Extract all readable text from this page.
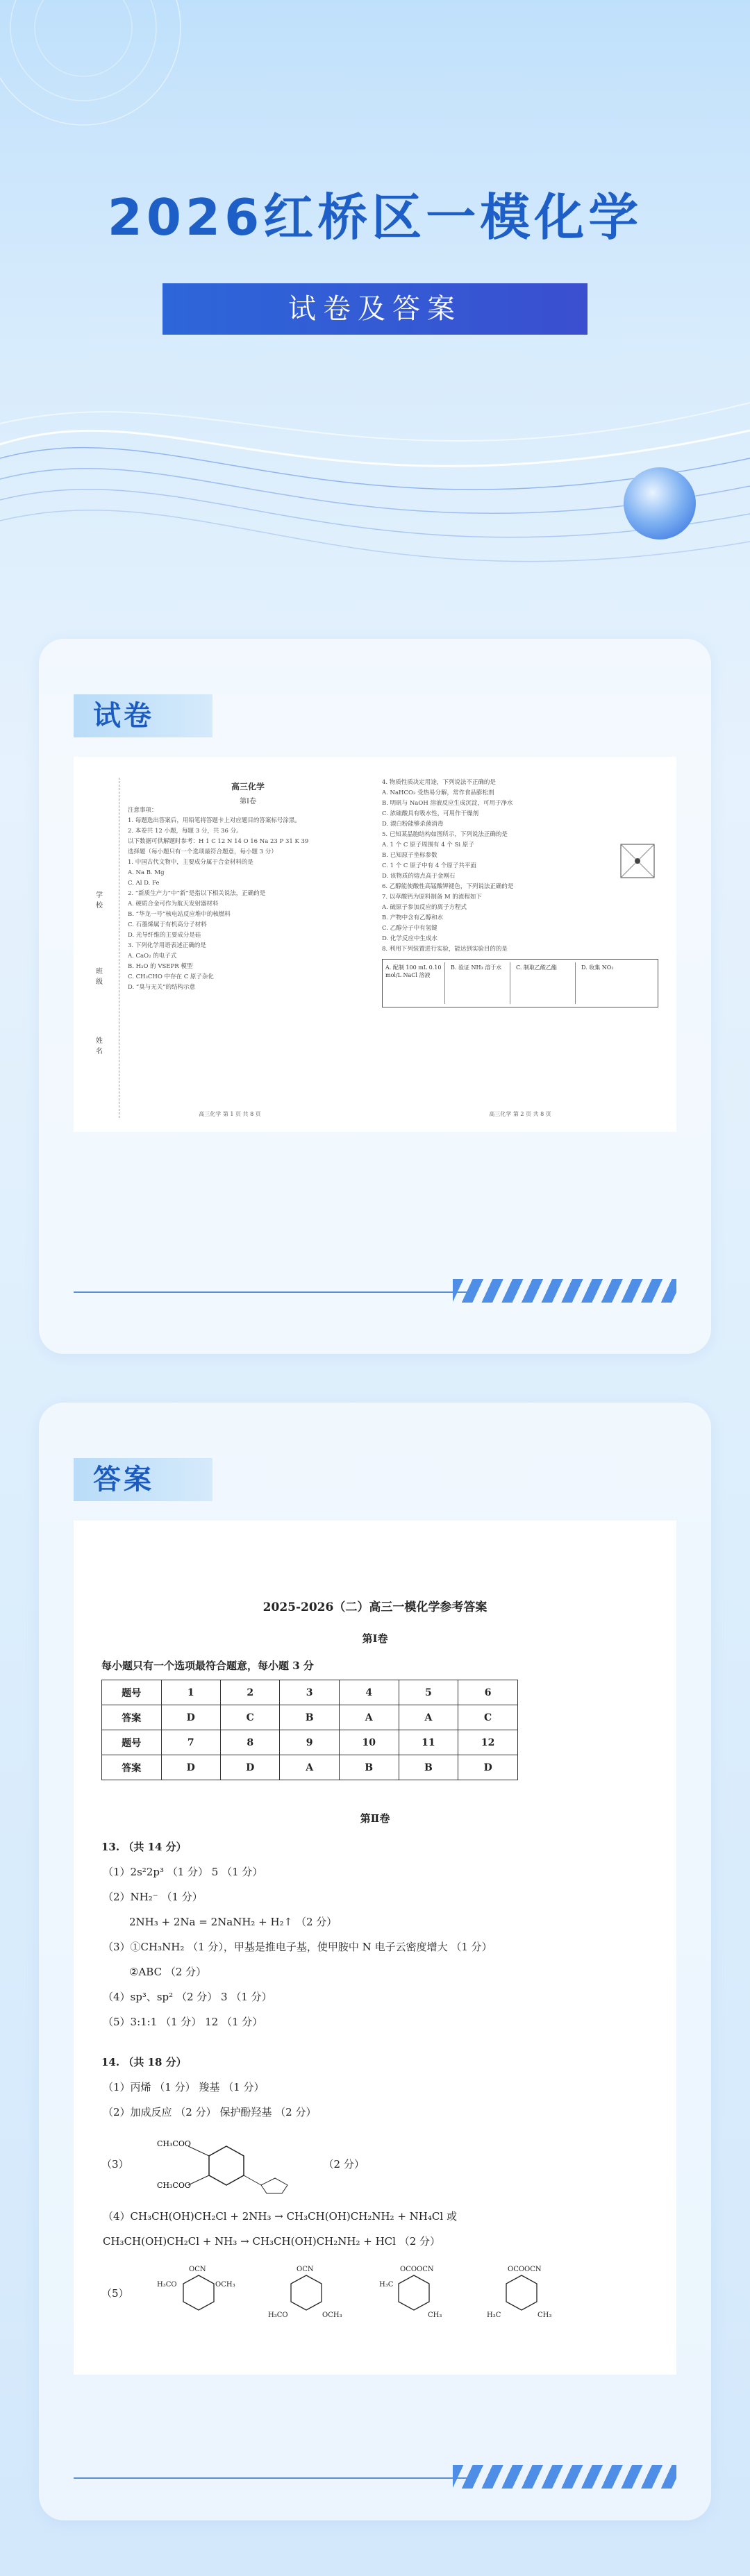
2026红桥区一模化学
试卷及答案
试卷
学
校
班
级
姓
名
高三化学
第Ⅰ卷
注意事项：
1. 每题选出答案后，用铅笔将答题卡上对应题目的答案标号涂黑。
2. 本卷共 12 小题，每题 3 分，共 36 分。
以下数据可供解题时参考：H 1 C 12 N 14 O 16 Na 23 P 31 K 39
选择题（每小题只有一个选项最符合题意，每小题 3 分）
1. 中国古代文物中，主要成分属于合金材料的是
A. Na B. Mg
C. Al D. Fe
2. “新质生产力”中“新”是指以下相关说法，正确的是
A. 硬质合金可作为航天发射器材料
B. “华龙一号”核电站反应堆中的核燃料
C. 石墨烯属于有机高分子材料
D. 光导纤维的主要成分是硅
3. 下列化学用语表述正确的是
A. CaO₂ 的电子式
B. H₂O 的 VSEPR 模型
C. CH₃CHO 中存在 C 原子杂化
D. “臭与无关”的结构示意
高三化学 第 1 页 共 8 页
4. 物质性质决定用途，下列说法不正确的是
A. NaHCO₃ 受热易分解，常作食品膨松剂
B. 明矾与 NaOH 溶液反应生成沉淀，可用于净水
C. 浓硫酸具有吸水性，可用作干燥剂
D. 漂白粉能够杀菌消毒
5. 已知某晶胞结构如图所示，下列说法正确的是
A. 1 个 C 原子周围有 4 个 Si 原子
B. 已知原子坐标参数
C. 1 个 C 原子中有 4 个原子共平面
D. 该物质的熔点高于金刚石
6. 乙醇能使酸性高锰酸钾褪色，下列说法正确的是
7. 以草酸钙为原料制备 M 的流程如下
A. 硫原子参加反应的离子方程式
B. 产物中含有乙醇和水
C. 乙醇分子中有氢键
D. 化学反应中生成水
8. 利用下列装置进行实验，能达到实验目的的是
A. 配制 100 mL 0.10 mol/L NaCl 溶液
B. 验证 NH₃ 溶于水	C. 制取乙酸乙酯	D. 收集 NO₂
高三化学 第 2 页 共 8 页
答案
2025-2026（二）高三一模化学参考答案
第Ⅰ卷
每小题只有一个选项最符合题意，每小题 3 分
题号	1	2	3	4	5	6
答案	D	C	B	A	A	C
题号	7	8	9	10	11	12
答案	D	D	A	B	B	D
第Ⅱ卷
13. （共 14 分）
（1）2s²2p³ （1 分） 5 （1 分）
（2）NH₂⁻ （1 分）
2NH₃ + 2Na = 2NaNH₂ + H₂↑ （2 分）
（3）①CH₃NH₂ （1 分），甲基是推电子基，使甲胺中 N 电子云密度增大 （1 分）
②ABC （2 分）
（4）sp³、sp² （2 分） 3 （1 分）
（5）3:1:1 （1 分） 12 （1 分）
14. （共 18 分）
（1）丙烯 （1 分） 羧基 （1 分）
（2）加成反应 （2 分） 保护酚羟基 （2 分）
（3）
CH₃COO
CH₃COO
（2 分）
（4）CH₃CH(OH)CH₂Cl + 2NH₃ → CH₃CH(OH)CH₂NH₂ + NH₄Cl 或
CH₃CH(OH)CH₂Cl + NH₃ → CH₃CH(OH)CH₂NH₂ + HCl （2 分）
（5）
OCN
H₃CO	OCH₃
OCN
H₃CO	OCH₃
OCOOCN
H₃C
CH₃
OCOOCN
H₃C	CH₃
